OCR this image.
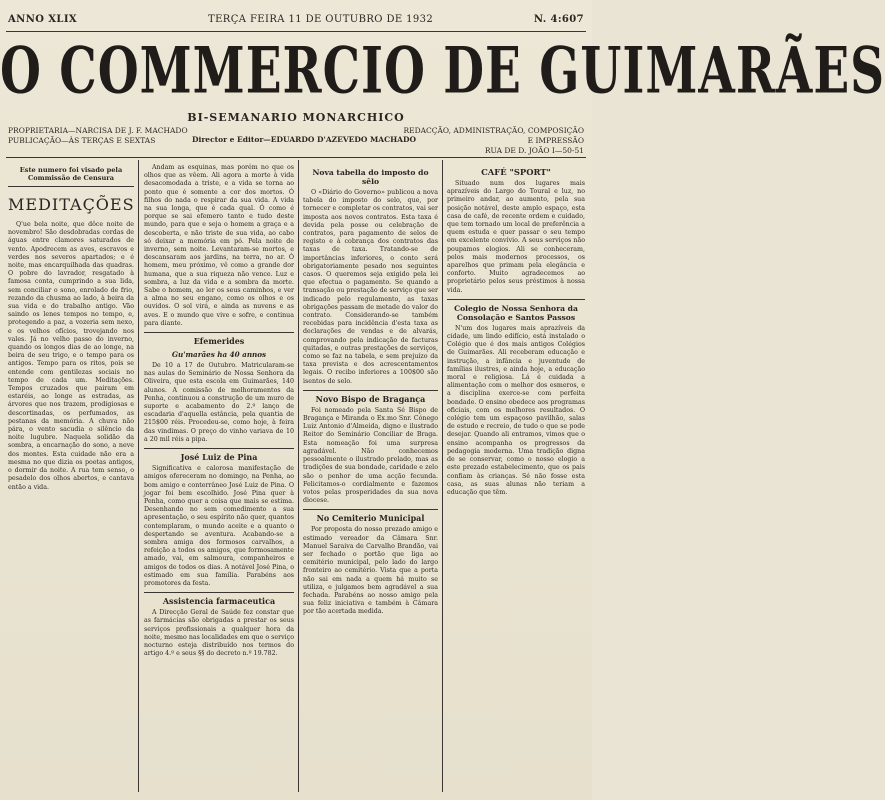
ANNO XLIX	TERÇA FEIRA 11 DE OUTUBRO DE 1932	N. 4:607
O COMMERCIO DE GUIMARÃES
BI-SEMANARIO MONARCHICO
PROPRIETARIA—NARCISA DE J. F. MACHADO
PUBLICAÇÃO—ÀS TERÇAS E SEXTAS	Director e Editor—EDUARDO D'AZEVEDO MACHADO
REDACÇÃO, ADMINISTRAÇÃO, COMPOSIÇÃO
E IMPRESSÃO
RUA DE D. JOÃO I—50-51
Este numero foi visado pela Commissão de Censura
MEDITAÇÕES

Q'ue bela noite, que dôce noite de novembro! São desdobradas cordas de águas entre clamores saturados de vento. Apodrecem as aves, escravos e verdes nos severos apartados; e é noite, mas encarquilhada das quadras. O pobre do lavrador, resgatado à famosa conta, cumprindo a sua lida, sem conciliar o sono, enrolado de frio, rezando da chusma ao lado, à beira da sua vida e do trabalho antigo. Vão saindo os lenes tempos no tempo, e, protegendo a paz, a vozeria sem nexo, e os velhos ofícios, trovejando nos vales. Já no velho passo do inverno, quando os longos dias de ao longe, na beira de seu trigo, e o tempo para os antigos. Tempo para os ritos, pois se entende com gentilezas sociais no tempo de cada um. Meditações. Tempos cruzados que pairam em estaréis, ao longe as estradas, as árvores que nos trazem, prodigiosas e descortinadas, os perfumados, as pestanas da memória. A chuva não pára, o vento sacudia o silêncio da noite lugubre. Naquela solidão da sombra, a encarnação do sono, a neve dos montes. Esta cuidade não era a mesma no que dizia os poetas antigos, o dormir da noite. A rua tem senso, o pesadelo dos olhos abertos, e cantava então a vida.

Andam as esquinas, mas porém no que os olhos que as vêem. Ali agora a morte à vida desacomodada a triste, e a vida se torna ao ponto que é somente a cor dos mortos. Ó filhos do nada o respirar da sua vida. A vida na sua longa, que é cada qual. Ó como é porque se sai efemero tanto e tudo deste mundo, para que e seja o homem a graça e a descoberta, e não triste de sua vida, ao cabo só deixar a memória em pó. Pela noite de inverno, sem noite. Levantaram-se mortos, e descansaram aos jardins, na terra, no ar. Ó homem, meu próximo, vê como a grande dor humana, que a sua riqueza não vence. Luz e sombra, a luz da vida e a sombra da morte. Sabe o homem, ao ler os seus caminhos, e ver a alma no seu engano, como os olhos e os ouvidos. O sol virá, e ainda as nuvens e as aves. E o mundo que vive e sofre, e continua para diante.

Efemerides
Gu'marães ha 40 annos

De 10 a 17 de Outubro. Matricularam-se nas aulas do Seminário de Nossa Senhora da Oliveira, que esta escola em Guimarães, 140 alunos. A comissão de melhoramentos da Penha, continuou a construção de um muro de suporte e acabamento do 2.º lanço de escadaria d'aquella estância, pela quantia de 215$00 réis. Procedeu-se, como hoje, à feira das vindimas. O preço do vinho variava de 10 a 20 mil réis a pipa.

José Luiz de Pina

Significativa e calorosa manifestação de amigos ofereceram no domingo, na Penha, ao bom amigo e conterrâneo José Luiz de Pina. O jogar foi bem escolhido. José Pina quer à Penha, como quer a coisa que mais se estima. Desenhando no sem comedimento a sua apresentação, o seu espírito não quer, quantos contemplaram, o mundo aceite e a quanto o despertando se aventura. Acabando-se a sombra amiga dos formosos carvalhos, a refeição a todos os amigos, que formosamente amado, vai, em salmoura, companheiros e amigos de todos os dias. A notável José Pina, o estimado em sua família. Parabéns aos promotores da festa.

Assistencia farmaceutica

A Direcção Geral de Saúde fez constar que as farmácias são obrigadas a prestar os seus serviços profissionais a qualquer hora da noite, mesmo nas localidades em que o serviço nocturno esteja distribuído nos termos do artigo 4.º e seus §§ do decreto n.º 19.782.

Nova tabella do imposto do sêlo

O «Diário do Governo» publicou a nova tabela do imposto do selo, que, por tornecer e completar os contratos, vai ser imposta aos novos contratos. Esta taxa é devida pela posse ou celebração de contratos, para pagamento de selos de registo e à cobrança dos contratos das taxas de taxa. Tratando-se de importâncias inferiores, o conto será obrigatoriamente pesado nos seguintes casos. O queremos seja exigido pela lei que efectua o pagamento. Se quando a transação ou prestação de serviço que ser indicado pelo regulamento, as taxas obrigações passam de metade do valor do contrato. Considerando-se também recebidas para incidência d'esta taxa as declarações de vendas e de alvarás, comprovando pela indicação de facturas quitadas, e outras prestações de serviços, como se faz na tabela, e sem prejuízo da taxa prevista e dos acrescentamentos legais. O recibo inferiores a 100$00 são isentos de selo.

Novo Bispo de Bragança

Foi nomeado pela Santa Sé Bispo de Bragança e Miranda o Ex.mo Snr. Cónego Luiz Antonio d'Almeida, digno e ilustrado Reitor do Seminário Conciliar de Braga. Esta nomeação foi uma surpresa agradável. Não conhecemos pessoalmente o ilustrado prelado, mas as tradições de sua bondade, caridade e zelo são o penhor de uma acção fecunda. Felicitamos-o cordialmente e fazemos votos pelas prosperidades da sua nova diocese.

No Cemiterio Municipal

Por proposta do nosso prezado amigo e estimado vereador da Câmara Snr. Manuel Saraiva de Carvalho Brandão, vai ser fechado o portão que liga ao cemitério municipal, pelo lado do largo fronteiro ao cemitério. Vista que a porta não sai em nada a quem há muito se utiliza, e julgamos bem agradável a sua fechada. Parabéns ao nosso amigo pela sua feliz iniciativa e também à Câmara por tão acertada medida.

CAFÉ "SPORT"

Situado num dos lugares mais aprazíveis do Largo do Toural e luz, no primeiro andar, ao aumento, pela sua posição notável, deste amplo espaço, esta casa de café, de recente ordem e cuidado, que tem tornado um local de preferência a quem estuda e quer passar o seu tempo em excelente convívio. A seus serviços não poupamos elogios. Ali se conheceram, pelos mais modernos processos, os aparelhos que primam pela elegância e conforto. Muito agradecemos ao proprietário pelos seus préstimos à nossa vida.

Colegio de Nossa Senhora da Consolação e Santos Passos

N'um dos lugares mais aprazíveis da cidade, um lindo edifício, está instalado o Colégio que é dos mais antigos Colégios de Guimarães. Ali receberam educação e instrução, a infância e juventude de famílias ilustres, e ainda hoje, a educação moral e religiosa. Lá é cuidada a alimentação com o melhor dos esmeros, e a disciplina exerce-se com perfeita bondade. O ensino obedece aos programas oficiais, com os melhores resultados. O colégio tem um espaçoso pavilhão, salas de estudo e recreio, de tudo o que se pode desejar. Quando ali entramos, vimos que o ensino acompanha os progressos da pedagogia moderna. Uma tradição digna de se conservar, como o nosso elogio a este prezado estabelecimento, que os pais confiam às crianças. Sé não fosse esta casa, as suas alunas não teriam a educação que têm.
